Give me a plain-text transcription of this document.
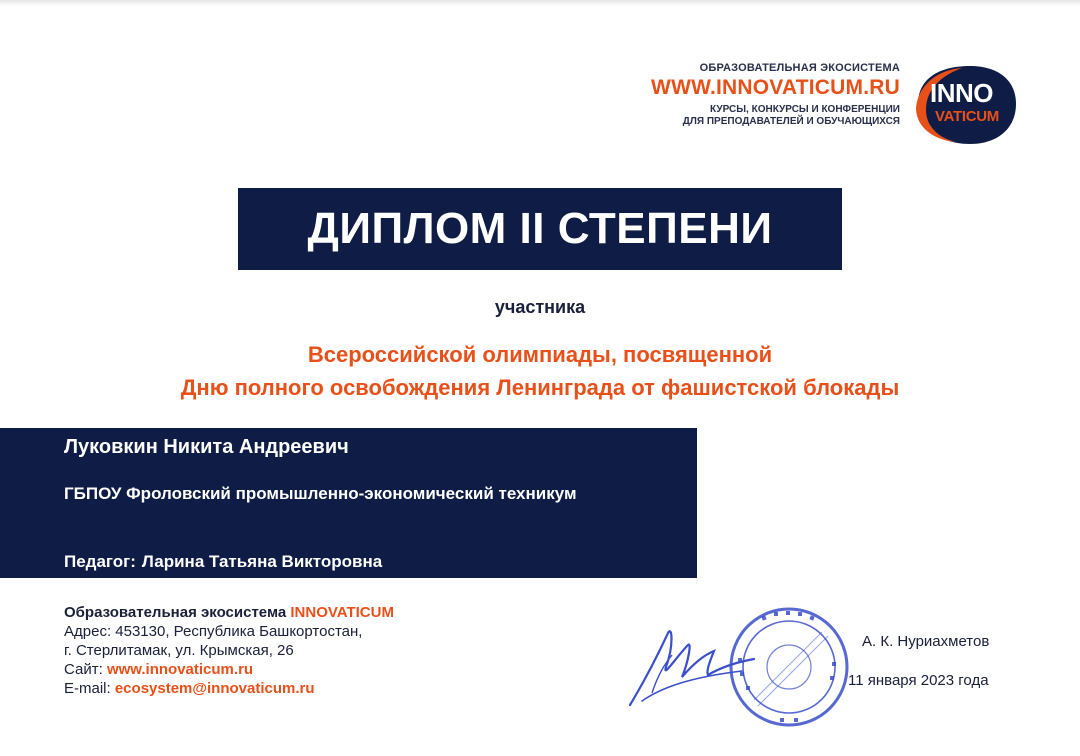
ОБРАЗОВАТЕЛЬНАЯ ЭКОСИСТЕМА
WWW.INNOVATICUM.RU
КУРСЫ, КОНКУРСЫ И КОНФЕРЕНЦИИ
ДЛЯ ПРЕПОДАВАТЕЛЕЙ И ОБУЧАЮЩИХСЯ
INNO
VATICUM
ДИПЛОМ II СТЕПЕНИ
участника
Всероссийской олимпиады, посвященной
Дню полного освобождения Ленинграда от фашистской блокады
Луковкин Никита Андреевич
ГБПОУ Фроловский промышленно-экономический техникум
Педагог: Ларина Татьяна Викторовна
Образовательная экосистема INNOVATICUM
Адрес: 453130, Республика Башкортостан,
г. Стерлитамак, ул. Крымская, 26
Сайт: www.innovaticum.ru
E-mail: ecosystem@innovaticum.ru
А. К. Нуриахметов
11 января 2023 года
